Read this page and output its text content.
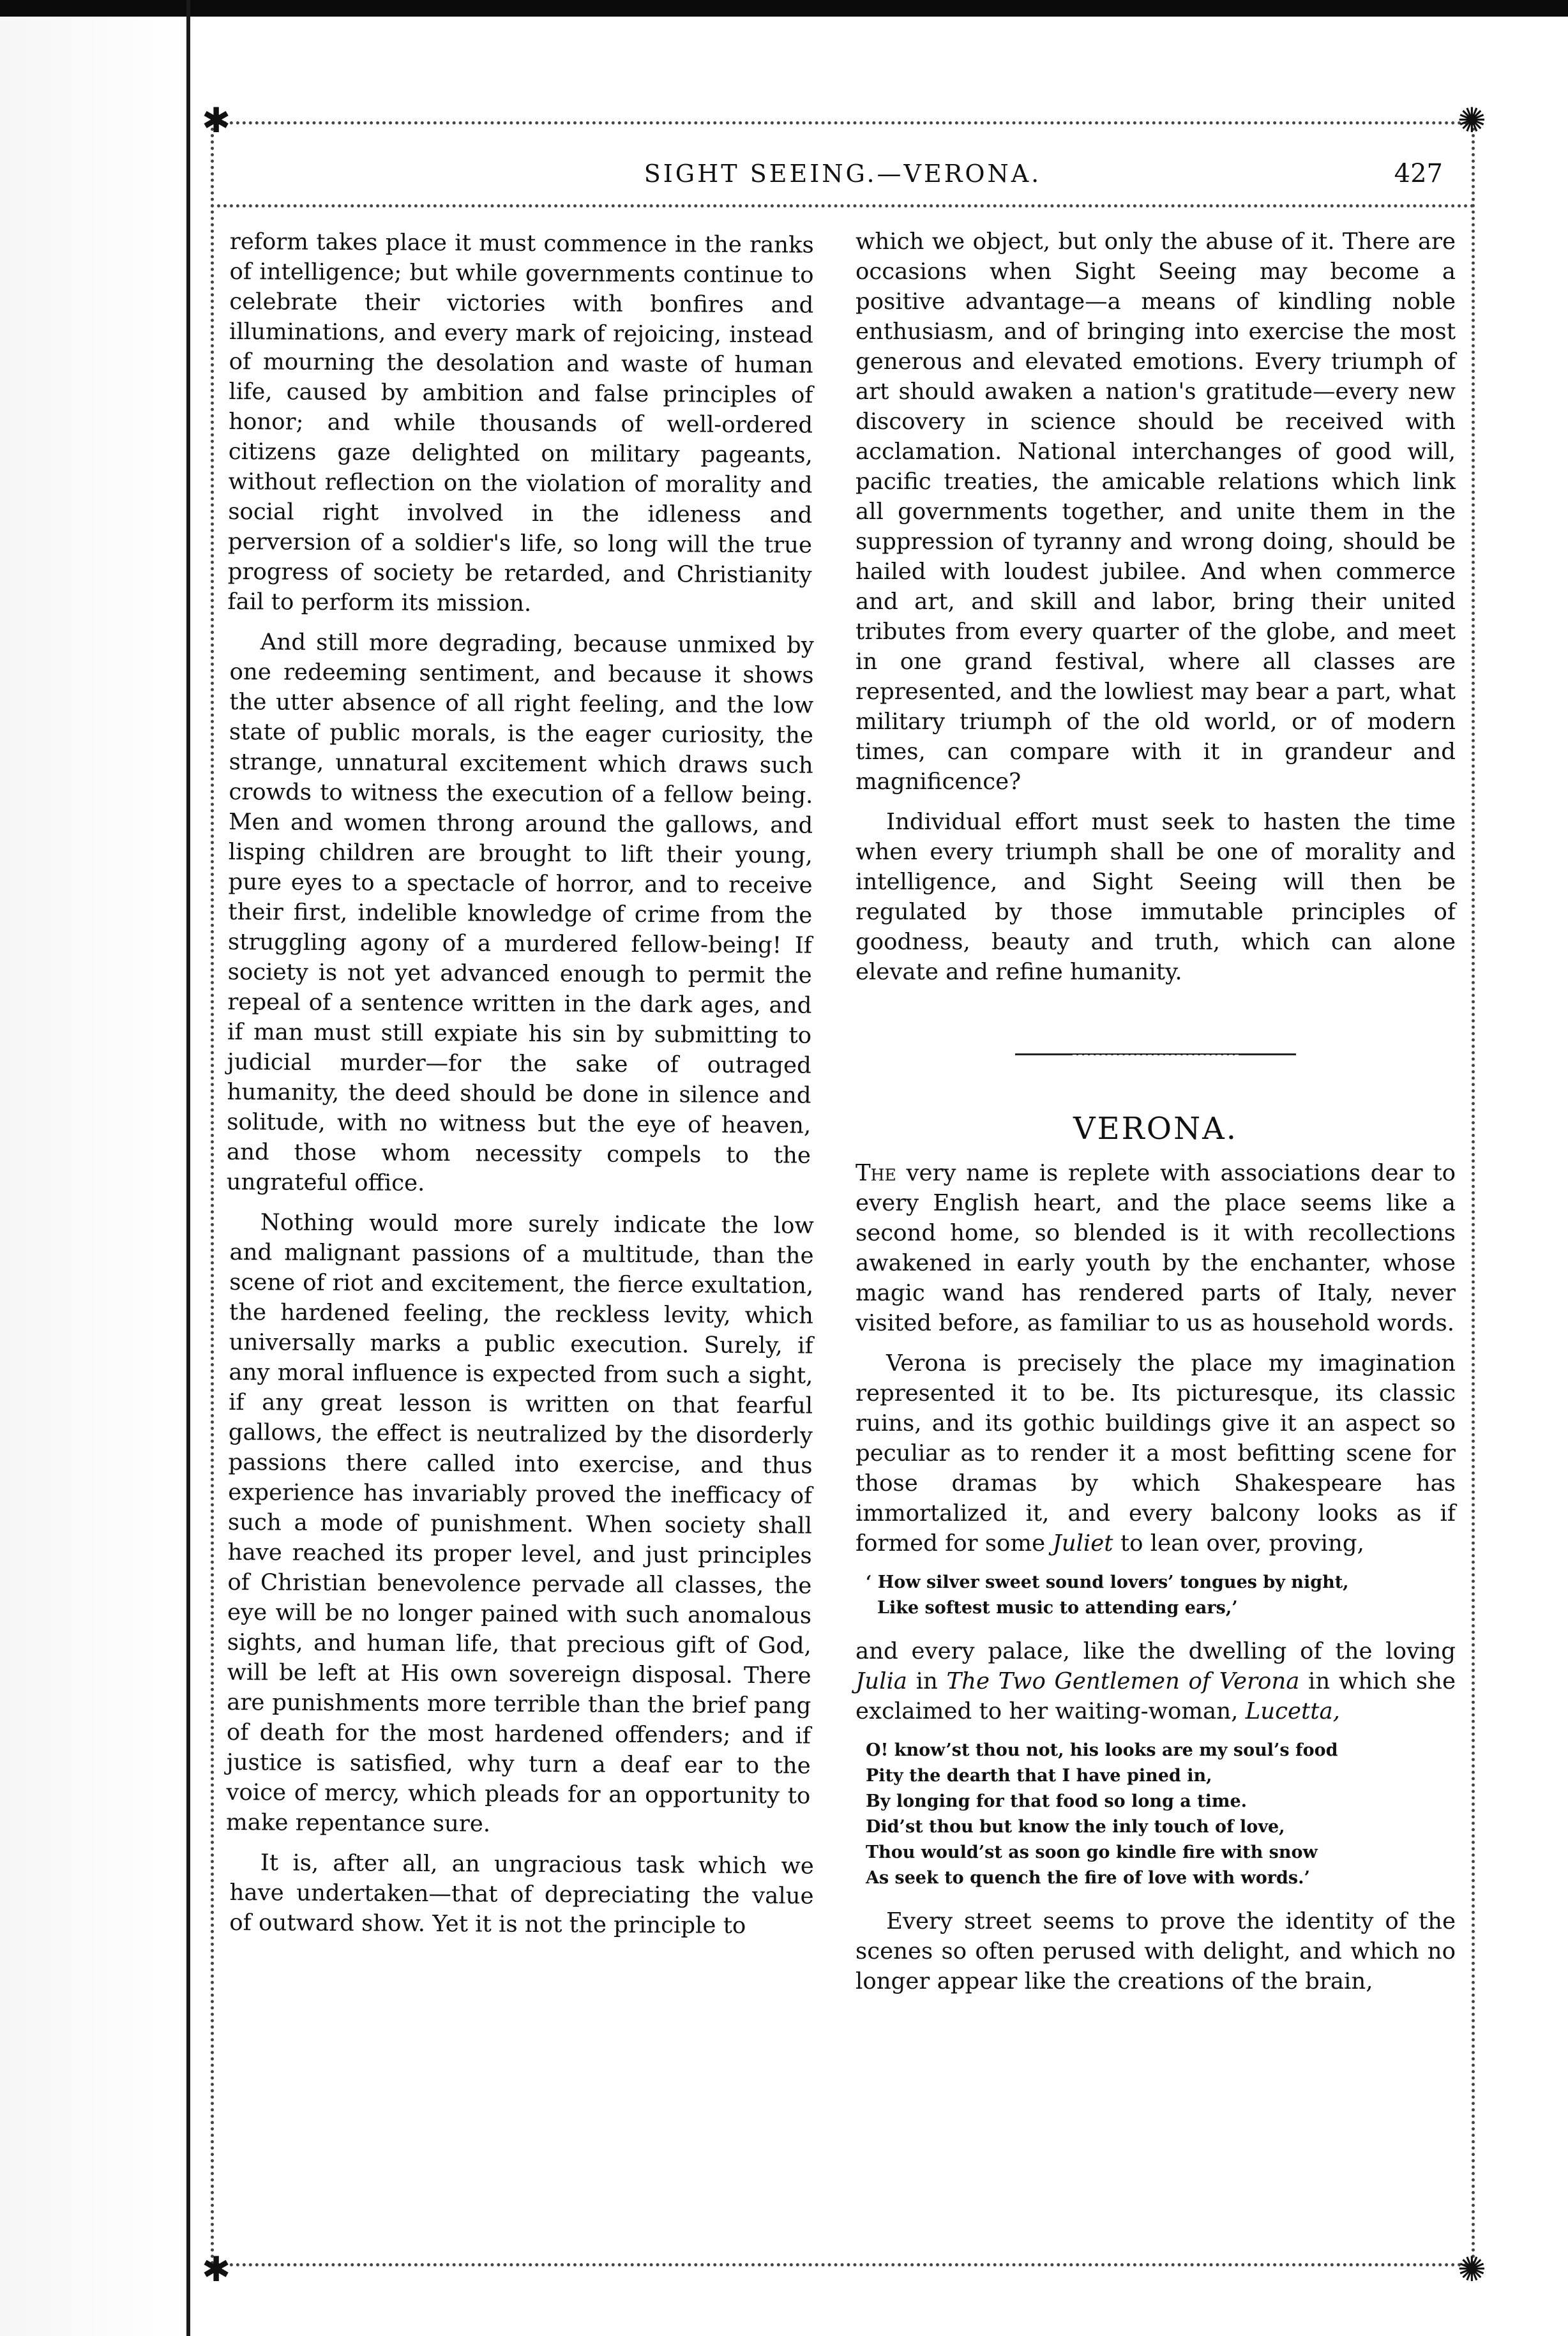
✱	✺
✱	✺
SIGHT SEEING.—VERONA.	427

reform takes place it must commence in the ranks of intelligence; but while governments continue to celebrate their victories with bonfires and illuminations, and every mark of rejoicing, instead of mourning the desolation and waste of human life, caused by ambition and false principles of honor; and while thousands of well-ordered citizens gaze delighted on military pageants, without reflection on the violation of morality and social right involved in the idleness and perversion of a soldier's life, so long will the true progress of society be retarded, and Christianity fail to perform its mission.

And still more degrading, because unmixed by one redeeming sentiment, and because it shows the utter absence of all right feeling, and the low state of public morals, is the eager curiosity, the strange, unnatural excitement which draws such crowds to witness the execution of a fellow being. Men and women throng around the gallows, and lisping children are brought to lift their young, pure eyes to a spectacle of horror, and to receive their first, indelible knowledge of crime from the struggling agony of a murdered fellow-being! If society is not yet advanced enough to permit the repeal of a sentence written in the dark ages, and if man must still expiate his sin by submitting to judicial murder—for the sake of outraged humanity, the deed should be done in silence and solitude, with no witness but the eye of heaven, and those whom necessity compels to the ungrateful office.

Nothing would more surely indicate the low and malignant passions of a multitude, than the scene of riot and excitement, the fierce exultation, the hardened feeling, the reckless levity, which universally marks a public execution. Surely, if any moral influence is expected from such a sight, if any great lesson is written on that fearful gallows, the effect is neutralized by the disorderly passions there called into exercise, and thus experience has invariably proved the inefficacy of such a mode of punishment. When society shall have reached its proper level, and just principles of Christian benevolence pervade all classes, the eye will be no longer pained with such anomalous sights, and human life, that precious gift of God, will be left at His own sovereign disposal. There are punishments more terrible than the brief pang of death for the most hardened offenders; and if justice is satisfied, why turn a deaf ear to the voice of mercy, which pleads for an opportunity to make repentance sure.

It is, after all, an ungracious task which we have undertaken—that of depreciating the value of outward show. Yet it is not the principle to

which we object, but only the abuse of it. There are occasions when Sight Seeing may become a positive advantage—a means of kindling noble enthusiasm, and of bringing into exercise the most generous and elevated emotions. Every triumph of art should awaken a nation's gratitude—every new discovery in science should be received with acclamation. National interchanges of good will, pacific treaties, the amicable relations which link all governments together, and unite them in the suppression of tyranny and wrong doing, should be hailed with loudest jubilee. And when commerce and art, and skill and labor, bring their united tributes from every quarter of the globe, and meet in one grand festival, where all classes are represented, and the lowliest may bear a part, what military triumph of the old world, or of modern times, can compare with it in grandeur and magnificence?

Individual effort must seek to hasten the time when every triumph shall be one of morality and intelligence, and Sight Seeing will then be regulated by those immutable principles of goodness, beauty and truth, which can alone elevate and refine humanity.

VERONA.

The very name is replete with associations dear to every English heart, and the place seems like a second home, so blended is it with recollections awakened in early youth by the enchanter, whose magic wand has rendered parts of Italy, never visited before, as familiar to us as household words.

Verona is precisely the place my imagination represented it to be. Its picturesque, its classic ruins, and its gothic buildings give it an aspect so peculiar as to render it a most befitting scene for those dramas by which Shakespeare has immortalized it, and every balcony looks as if formed for some Juliet to lean over, proving,

‘ How silver sweet sound lovers’ tongues by night,
Like softest music to attending ears,’

and every palace, like the dwelling of the loving Julia in The Two Gentlemen of Verona in which she exclaimed to her waiting-woman, Lucetta,

O! know’st thou not, his looks are my soul’s food
Pity the dearth that I have pined in,
By longing for that food so long a time.
Did’st thou but know the inly touch of love,
Thou would’st as soon go kindle fire with snow
As seek to quench the fire of love with words.’

Every street seems to prove the identity of the scenes so often perused with delight, and which no longer appear like the creations of the brain,
